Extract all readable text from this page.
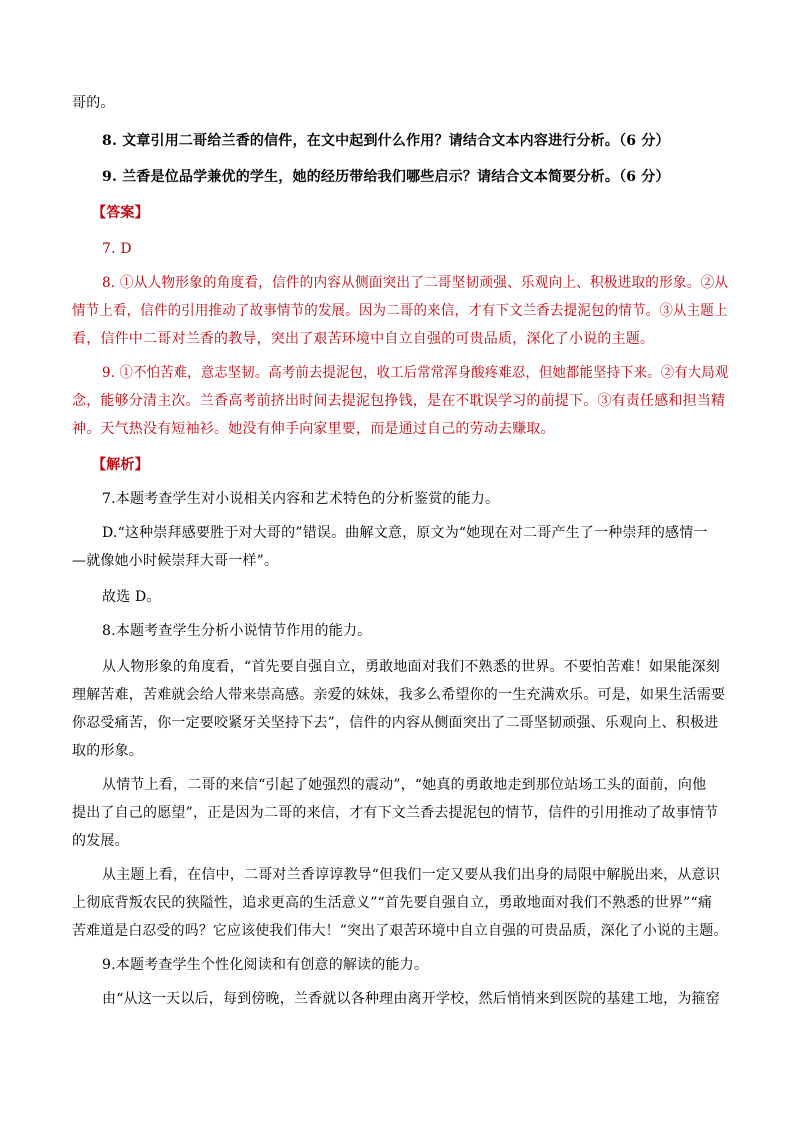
哥的。
8. 文章引用二哥给兰香的信件，在文中起到什么作用？请结合文本内容进行分析。（6 分）
9. 兰香是位品学兼优的学生，她的经历带给我们哪些启示？请结合文本简要分析。（6 分）
【答案】
7. D
8. ①从人物形象的角度看，信件的内容从侧面突出了二哥坚韧顽强、乐观向上、积极进取的形象。②从
情节上看，信件的引用推动了故事情节的发展。因为二哥的来信，才有下文兰香去提泥包的情节。③从主题上
看，信件中二哥对兰香的教导，突出了艰苦环境中自立自强的可贵品质，深化了小说的主题。
9. ①不怕苦难，意志坚韧。高考前去提泥包，收工后常常浑身酸疼难忍，但她都能坚持下来。②有大局观
念，能够分清主次。兰香高考前挤出时间去提泥包挣钱，是在不耽误学习的前提下。③有责任感和担当精
神。天气热没有短袖衫。她没有伸手向家里要，而是通过自己的劳动去赚取。
【解析】
7.本题考查学生对小说相关内容和艺术特色的分析鉴赏的能力。
D.“这种崇拜感要胜于对大哥的”错误。曲解文意，原文为“她现在对二哥产生了一种崇拜的感情一
—就像她小时候崇拜大哥一样”。
故选 D。
8.本题考查学生分析小说情节作用的能力。
从人物形象的角度看，“首先要自强自立，勇敢地面对我们不熟悉的世界。不要怕苦难！如果能深刻
理解苦难，苦难就会给人带来崇高感。亲爱的妹妹，我多么希望你的一生充满欢乐。可是，如果生活需要
你忍受痛苦，你一定要咬紧牙关坚持下去”，信件的内容从侧面突出了二哥坚韧顽强、乐观向上、积极进
取的形象。
从情节上看，二哥的来信“引起了她强烈的震动”，“她真的勇敢地走到那位站场工头的面前，向他
提出了自己的愿望”，正是因为二哥的来信，才有下文兰香去提泥包的情节，信件的引用推动了故事情节
的发展。
从主题上看，在信中，二哥对兰香谆谆教导“但我们一定又要从我们出身的局限中解脱出来，从意识
上彻底背叛农民的狭隘性，追求更高的生活意义”“首先要自强自立，勇敢地面对我们不熟悉的世界”“痛
苦难道是白忍受的吗？它应该使我们伟大！”突出了艰苦环境中自立自强的可贵品质，深化了小说的主题。
9.本题考查学生个性化阅读和有创意的解读的能力。
由“从这一天以后，每到傍晚，兰香就以各种理由离开学校，然后悄悄来到医院的基建工地，为箍窑
